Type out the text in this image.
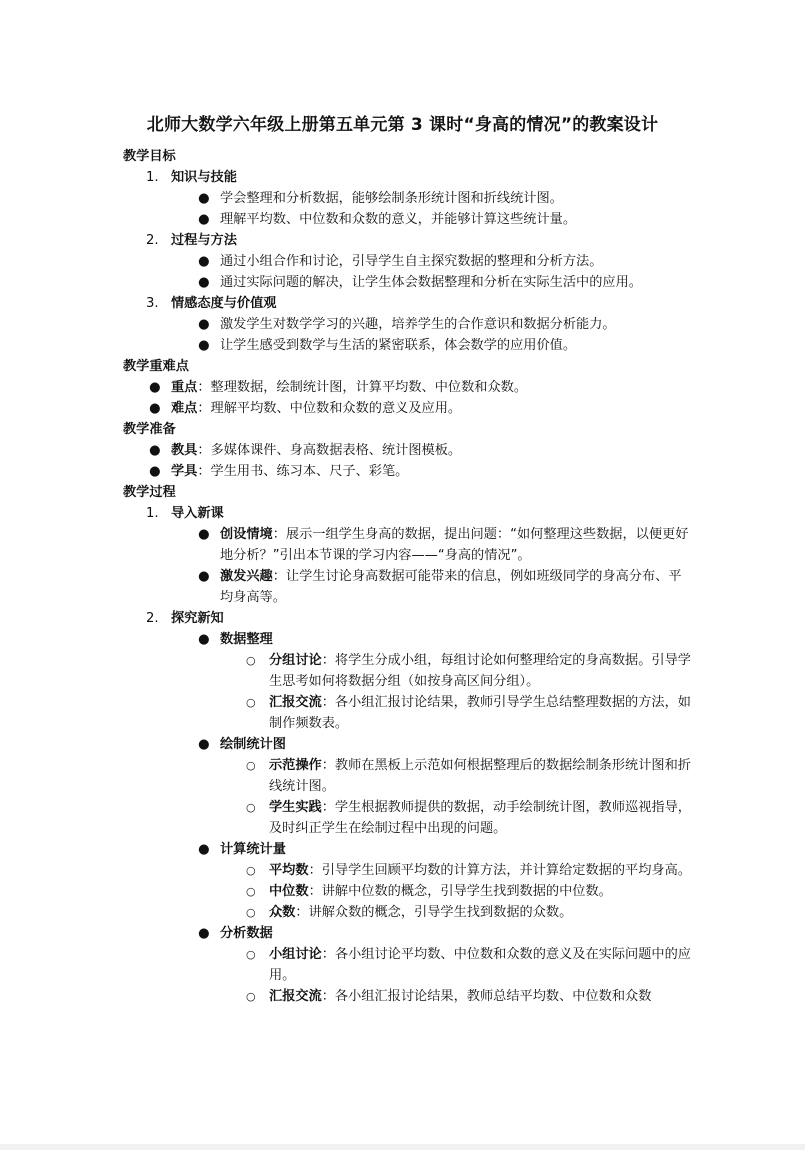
北师大数学六年级上册第五单元第 3 课时“身高的情况”的教案设计

教学目标

1. 知识与技能
● 学会整理和分析数据，能够绘制条形统计图和折线统计图。
● 理解平均数、中位数和众数的意义，并能够计算这些统计量。
2. 过程与方法
● 通过小组合作和讨论，引导学生自主探究数据的整理和分析方法。
● 通过实际问题的解决，让学生体会数据整理和分析在实际生活中的应用。
3. 情感态度与价值观
● 激发学生对数学学习的兴趣，培养学生的合作意识和数据分析能力。
● 让学生感受到数学与生活的紧密联系，体会数学的应用价值。

教学重难点

● 重点：整理数据，绘制统计图，计算平均数、中位数和众数。
● 难点：理解平均数、中位数和众数的意义及应用。

教学准备

● 教具：多媒体课件、身高数据表格、统计图模板。
● 学具：学生用书、练习本、尺子、彩笔。

教学过程

1. 导入新课
● 创设情境：展示一组学生身高的数据，提出问题：“如何整理这些数据，以便更好地分析？”引出本节课的学习内容——“身高的情况”。
● 激发兴趣：让学生讨论身高数据可能带来的信息，例如班级同学的身高分布、平均身高等。
2. 探究新知
● 数据整理
○ 分组讨论：将学生分成小组，每组讨论如何整理给定的身高数据。引导学生思考如何将数据分组（如按身高区间分组）。
○ 汇报交流：各小组汇报讨论结果，教师引导学生总结整理数据的方法，如制作频数表。
● 绘制统计图
○ 示范操作：教师在黑板上示范如何根据整理后的数据绘制条形统计图和折线统计图。
○ 学生实践：学生根据教师提供的数据，动手绘制统计图，教师巡视指导，及时纠正学生在绘制过程中出现的问题。
● 计算统计量
○ 平均数：引导学生回顾平均数的计算方法，并计算给定数据的平均身高。
○ 中位数：讲解中位数的概念，引导学生找到数据的中位数。
○ 众数：讲解众数的概念，引导学生找到数据的众数。
● 分析数据
○ 小组讨论：各小组讨论平均数、中位数和众数的意义及在实际问题中的应用。
○ 汇报交流：各小组汇报讨论结果，教师总结平均数、中位数和众数
